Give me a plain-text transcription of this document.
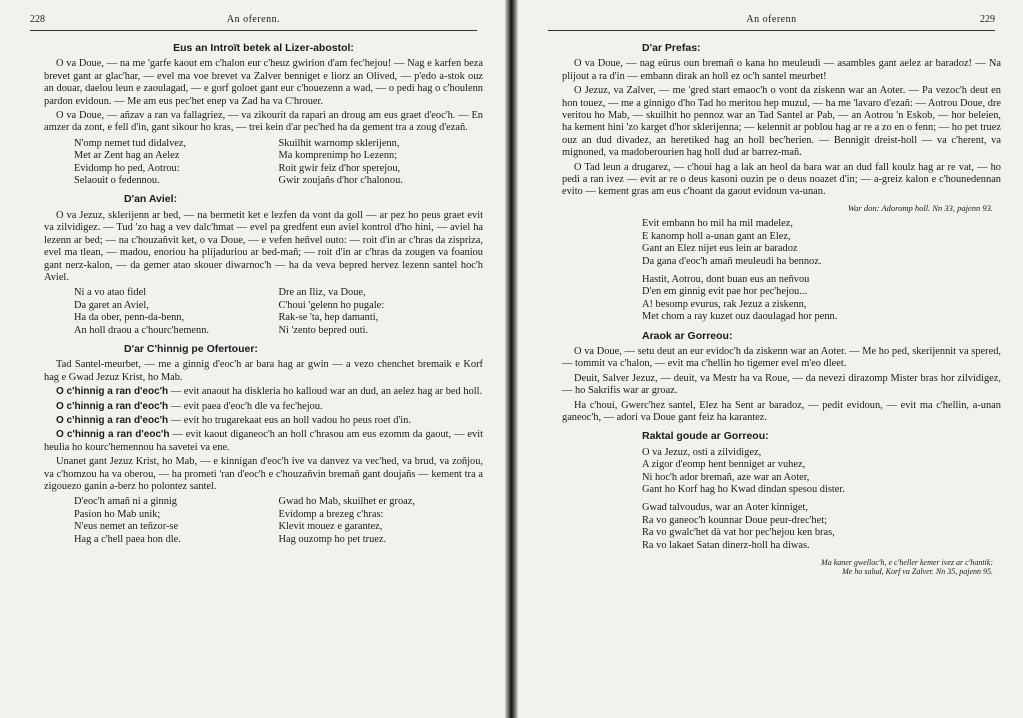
228	An oferenn.
Eus an Introït betek al Lizer-abostol:

O va Doue, — na me 'garfe kaout em c'halon eur c'heuz gwirion d'am fec'hejou! — Nag e karfen beza brevet gant ar glac'har, — evel ma voe brevet va Zalver benniget e liorz an Olived, — p'edo a-stok ouz an douar, daelou leun e zaoulagad, — e gorf goloet gant eur c'houezenn a wad, — o pedi hag o c'houlenn pardon evidoun. — Me am eus pec'het enep va Zad ha va C'hrouer.

O va Doue, — añzav a ran va fallagriez, — va zikourit da rapari an droug am eus graet d'eoc'h. — En amzer da zont, e fell d'in, gant sikour ho kras, — trei kein d'ar pec'hed ha da gement tra a zoug d'ezañ.

N'omp nemet tud didalvez,
Met ar Zent hag an Aelez
Evidomp ho ped, Aotrou:
Selaouit o fedennou.
Skuilhit warnomp sklerijenn,
Ma komprenimp ho Lezenn;
Roit gwir feiz d'hor sperejou,
Gwir zoujañs d'hor c'halonou.
D'an Aviel:

O va Jezuz, sklerijenn ar bed, — na bermetit ket e lezfen da vont da goll — ar pez ho peus graet evit va zilvidigez. — Tud 'zo hag a vev dalc'hmat — evel pa gredfent eun aviel kontrol d'ho hini, — aviel ha lezenn ar bed; — na c'houzañvit ket, o va Doue, — e vefen heñvel outo: — roit d'in ar c'hras da zispriza, evel ma tlean, — madou, enoriou ha plijaduriou ar bed-mañ; — roit d'in ar c'hras da zougen va foaniou gant nerz-kalon, — da gemer atao skouer diwarnoc'h — ha da veva bepred hervez lezenn santel hoc'h Aviel.

Ni a vo atao fidel
Da garet an Aviel,
Ha da ober, penn-da-benn,
An holl draou a c'hourc'hemenn.
Dre an Iliz, va Doue,
C'houi 'gelenn ho pugale:
Rak-se 'ta, hep damanti,
Ni 'zento bepred outi.
D'ar C'hinnig pe Ofertouer:

Tad Santel-meurbet, — me a ginnig d'eoc'h ar bara hag ar gwin — a vezo chenchet bremaik e Korf hag e Gwad Jezuz Krist, ho Mab.

O c'hinnig a ran d'eoc'h — evit anaout ha diskleria ho kalloud war an dud, an aelez hag ar bed holl.

O c'hinnig a ran d'eoc'h — evit paea d'eoc'h dle va fec'hejou.

O c'hinnig a ran d'eoc'h — evit ho trugarekaat eus an holl vadou ho peus roet d'in.

O c'hinnig a ran d'eoc'h — evit kaout diganeoc'h an holl c'hrasou am eus ezomm da gaout, — evit heulia ho kourc'hemennou ha savetei va ene.

Unanet gant Jezuz Krist, ho Mab, — e kinnigan d'eoc'h ive va danvez va vec'hed, va brud, va zoñjou, va c'homzou ha va oberou, — ha prometi 'ran d'eoc'h e c'houzañvin bremañ gant doujañs — kement tra a zigouezo ganin a-berz ho polontez santel.

D'eoc'h amañ ni a ginnig
Pasion ho Mab unik;
N'eus nemet an teñzor-se
Hag a c'hell paea hon dle.
Gwad ho Mab, skuilhet er groaz,
Evidomp a brezeg c'hras:
Klevit mouez e garantez,
Hag ouzomp ho pet truez.
An oferenn	229
D'ar Prefas:

O va Doue, — nag eürus oun bremañ o kana ho meuleudi — asambles gant aelez ar baradoz! — Na plijout a ra d'in — embann dirak an holl ez oc'h santel meurbet!

O Jezuz, va Zalver, — me 'gred start emaoc'h o vont da ziskenn war an Aoter. — Pa vezoc'h deut en hon touez, — me a ginnigo d'ho Tad ho meritou hep muzul, — ha me 'lavaro d'ezañ: — Aotrou Doue, dre veritou ho Mab, — skuilhit ho pennoz war an Tad Santel ar Pab, — an Aotrou 'n Eskob, — hor beleien, ha kement hini 'zo karget d'hor sklerijenna; — kelennit ar poblou hag ar re a zo en o fenn; — ho pet truez ouz an dud divadez, an heretiked hag an holl bec'herien. — Bennigit dreist-holl — va c'herent, va mignoned, va madoberourien hag holl dud ar barrez-mañ.

O Tad leun a drugarez, — c'houi hag a lak an heol da bara war an dud fall koulz hag ar re vat, — ho pedi a ran ivez — evit ar re o deus kasoni ouzin pe o deus noazet d'in; — a-greiz kalon e c'hounedennan evito — kement gras am eus c'hoant da gaout evidoun va-unan.

War don: Adoromp holl. Nn 33, pajenn 93.
Evit embann ho mil ha mil madelez,
E kanomp holl a-unan gant an Elez,
Gant an Elez nijet eus lein ar baradoz
Da gana d'eoc'h amañ meuleudi ha bennoz.
Hastit, Aotrou, dont buan eus an neñvou
D'en em ginnig evit pae hor pec'hejou...
A! besomp evurus, rak Jezuz a ziskenn,
Met chom a ray kuzet ouz daoulagad hor penn.
Araok ar Gorreou:

O va Doue, — setu deut an eur evidoc'h da ziskenn war an Aoter. — Me ho ped, skerijennit va spered, — tommit va c'halon, — evit ma c'hellin ho tigemer evel m'eo dleet.

Deuit, Salver Jezuz, — deuit, va Mestr ha va Roue, — da nevezi dirazomp Mister bras hor zilvidigez, — ho Sakrifis war ar groaz.

Ha c'houi, Gwerc'hez santel, Elez ha Sent ar baradoz, — pedit evidoun, — evit ma c'hellin, a-unan ganeoc'h, — adori va Doue gant feiz ha karantez.

Raktal goude ar Gorreou:
O va Jezuz, osti a zilvidigez,
A zigor d'eomp hent benniget ar vuhez,
Ni hoc'h ador bremañ, aze war an Aoter,
Gant ho Korf hag ho Kwad dindan spesou dister.
Gwad talvoudus, war an Aoter kinniget,
Ra vo ganeoc'h kounnar Doue peur-drec'het;
Ra vo gwalc'het dà vat hor pec'hejou ken bras,
Ra vo lakaet Satan dinerz-holl ha diwas.
Ma kaner gwelloc'h, e c'heller kemer ivez ar c'hantik:
Me ho salud, Korf va Zalver. Nn 35, pajenn 95.
